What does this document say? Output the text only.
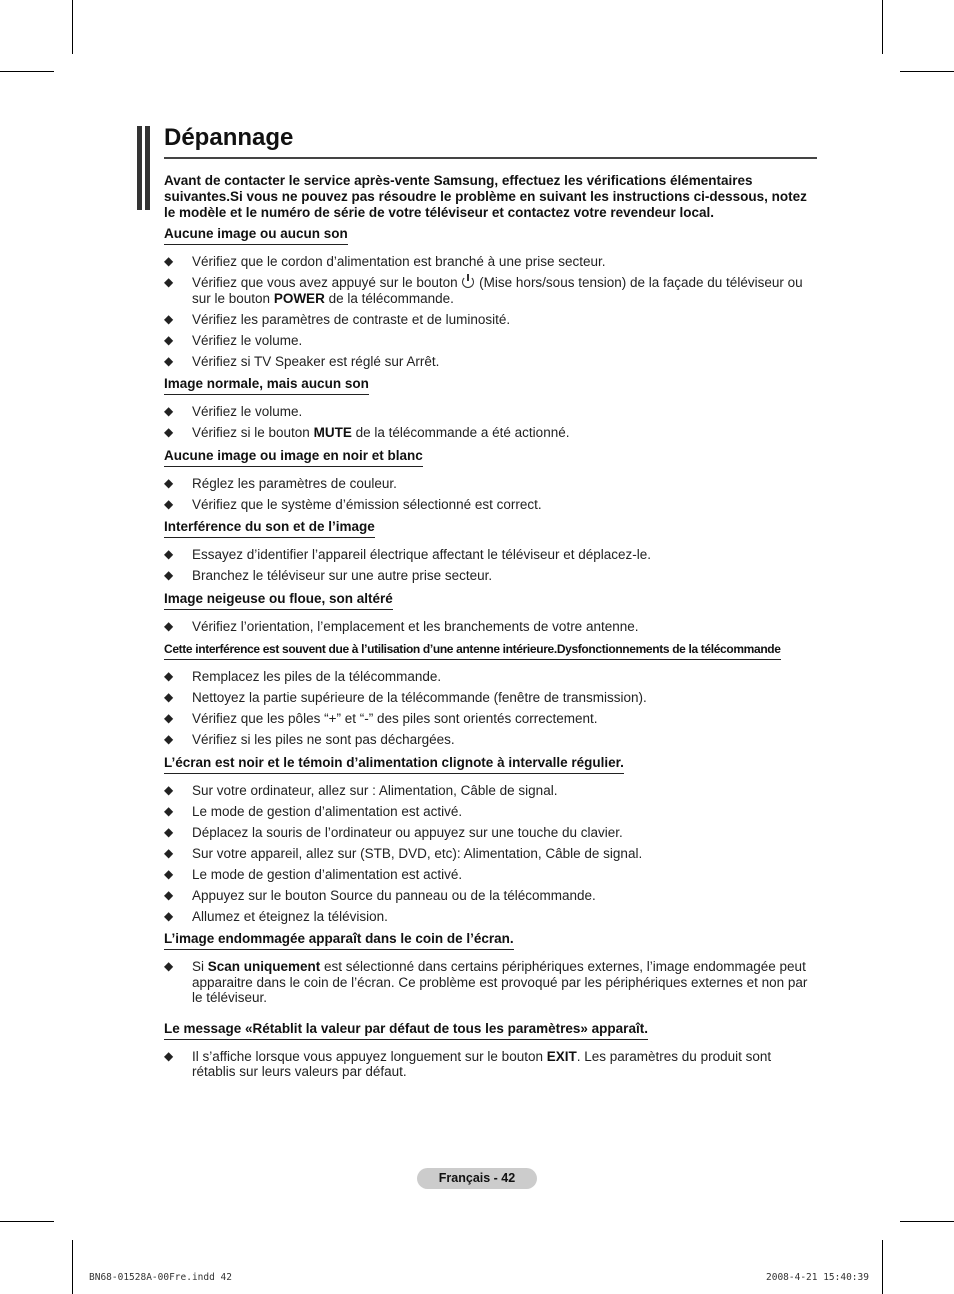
Dépannage

Avant de contacter le service après-vente Samsung, effectuez les vérifications élémentaires suivantes.Si vous ne pouvez pas résoudre le problème en suivant les instructions ci-dessous, notez le modèle et le numéro de série de votre téléviseur et contactez votre revendeur local.

Aucune image ou aucun son
◆ Vérifiez que le cordon d’alimentation est branché à une prise secteur.
◆ Vérifiez que vous avez appuyé sur le bouton  (Mise hors/sous tension) de la façade du téléviseur ou sur le bouton POWER de la télécommande.
◆ Vérifiez les paramètres de contraste et de luminosité.
◆ Vérifiez le volume.
◆ Vérifiez si TV Speaker est réglé sur Arrêt.
Image normale, mais aucun son
◆ Vérifiez le volume.
◆ Vérifiez si le bouton MUTE de la télécommande a été actionné.
Aucune image ou image en noir et blanc
◆ Réglez les paramètres de couleur.
◆ Vérifiez que le système d’émission sélectionné est correct.
Interférence du son et de l’image
◆ Essayez d’identifier l’appareil électrique affectant le téléviseur et déplacez-le.
◆ Branchez le téléviseur sur une autre prise secteur.
Image neigeuse ou floue, son altéré
◆ Vérifiez l’orientation, l’emplacement et les branchements de votre antenne.
Cette interférence est souvent due à l’utilisation d’une antenne intérieure.Dysfonctionnements de la télécommande
◆ Remplacez les piles de la télécommande.
◆ Nettoyez la partie supérieure de la télécommande (fenêtre de transmission).
◆ Vérifiez que les pôles “+” et “-” des piles sont orientés correctement.
◆ Vérifiez si les piles ne sont pas déchargées.
L’écran est noir et le témoin d’alimentation clignote à intervalle régulier.
◆ Sur votre ordinateur, allez sur : Alimentation, Câble de signal.
◆ Le mode de gestion d’alimentation est activé.
◆ Déplacez la souris de l’ordinateur ou appuyez sur une touche du clavier.
◆ Sur votre appareil, allez sur (STB, DVD, etc): Alimentation, Câble de signal.
◆ Le mode de gestion d’alimentation est activé.
◆ Appuyez sur le bouton Source du panneau ou de la télécommande.
◆ Allumez et éteignez la télévision.
L’image endommagée apparaît dans le coin de l’écran.
◆ Si Scan uniquement est sélectionné dans certains périphériques externes, l’image endommagée peut apparaitre dans le coin de l’écran. Ce problème est provoqué par les périphériques externes et non par le téléviseur.
Le message «Rétablit la valeur par défaut de tous les paramètres» apparaît.
◆ Il s’affiche lorsque vous appuyez longuement sur le bouton EXIT. Les paramètres du produit sont rétablis sur leurs valeurs par défaut.
Français - 42
BN68-01528A-00Fre.indd 42	2008-4-21 15:40:39
